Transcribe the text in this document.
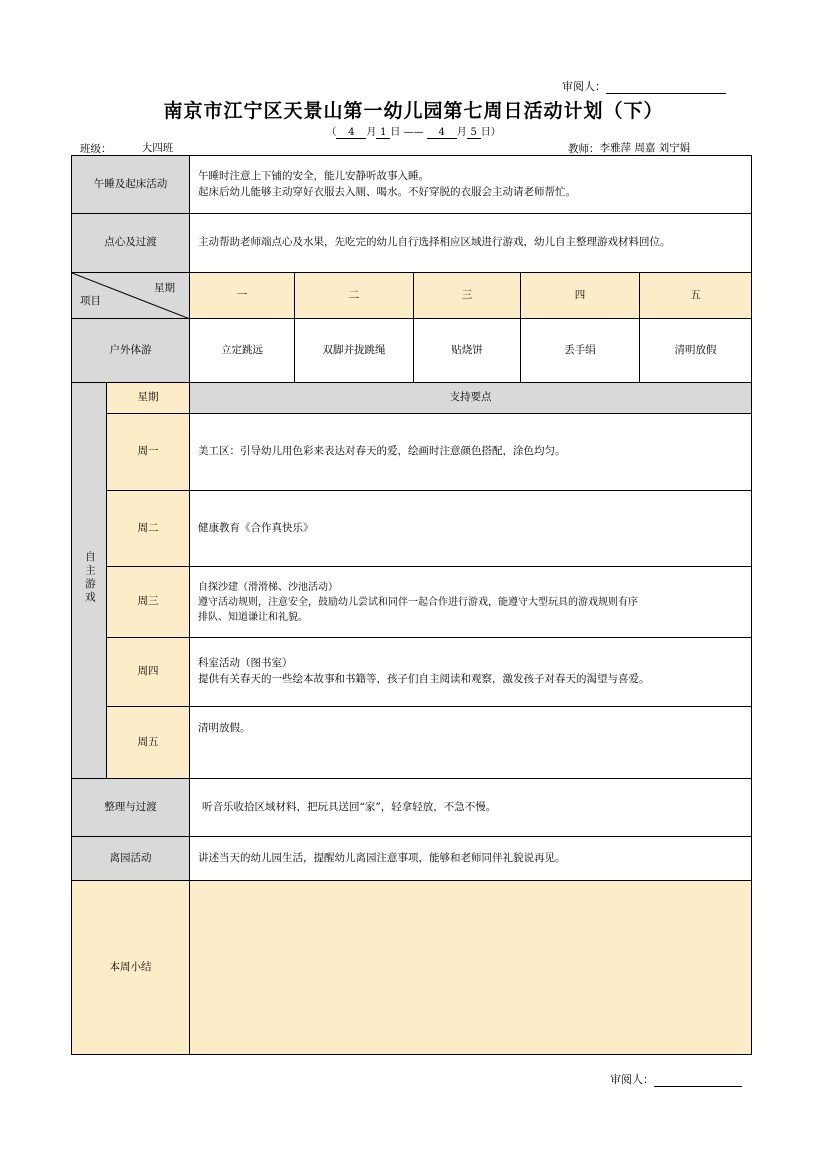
审阅人：
南京市江宁区天景山第一幼儿园第七周日活动计划（下）
（ 4 月 1 日 —— 4 月 5 日）
班级：	大四班	教师：李雅萍 周嘉 刘宁娟
午睡及起床活动		午睡时注意上下铺的安全，能儿安静听故事入睡。
起床后幼儿能够主动穿好衣服去入厕、喝水。不好穿脱的衣服会主动请老师帮忙。				

点心及过渡		主动帮助老师端点心及水果，先吃完的幼儿自行选择相应区域进行游戏，幼儿自主整理游戏材料回位。				

星期
项目		一	二	三	四	五
户外体游		立定跳远	双脚并拢跳绳	贴烧饼	丢手绢	清明放假
自主游戏	星期	支持要点				
	周一	美工区：引导幼儿用色彩来表达对春天的爱，绘画时注意颜色搭配，涂色均匀。				

	周二	健康教育《合作真快乐》				

	周三	自探沙建（滑滑梯、沙池活动）
遵守活动规则，注意安全，鼓励幼儿尝试和同伴一起合作进行游戏，能遵守大型玩具的游戏规则有序
排队、知道谦让和礼貌。				

	周四	科室活动（图书室）
提供有关春天的一些绘本故事和书籍等，孩子们自主阅读和观察，激发孩子对春天的渴望与喜爱。				

	周五	清明放假。				

整理与过渡		听音乐收拾区域材料，把玩具送回“家”，轻拿轻放，不急不慢。				
离园活动		讲述当天的幼儿园生活，提醒幼儿离园注意事项，能够和老师同伴礼貌说再见。				
本周小结						
审阅人：
